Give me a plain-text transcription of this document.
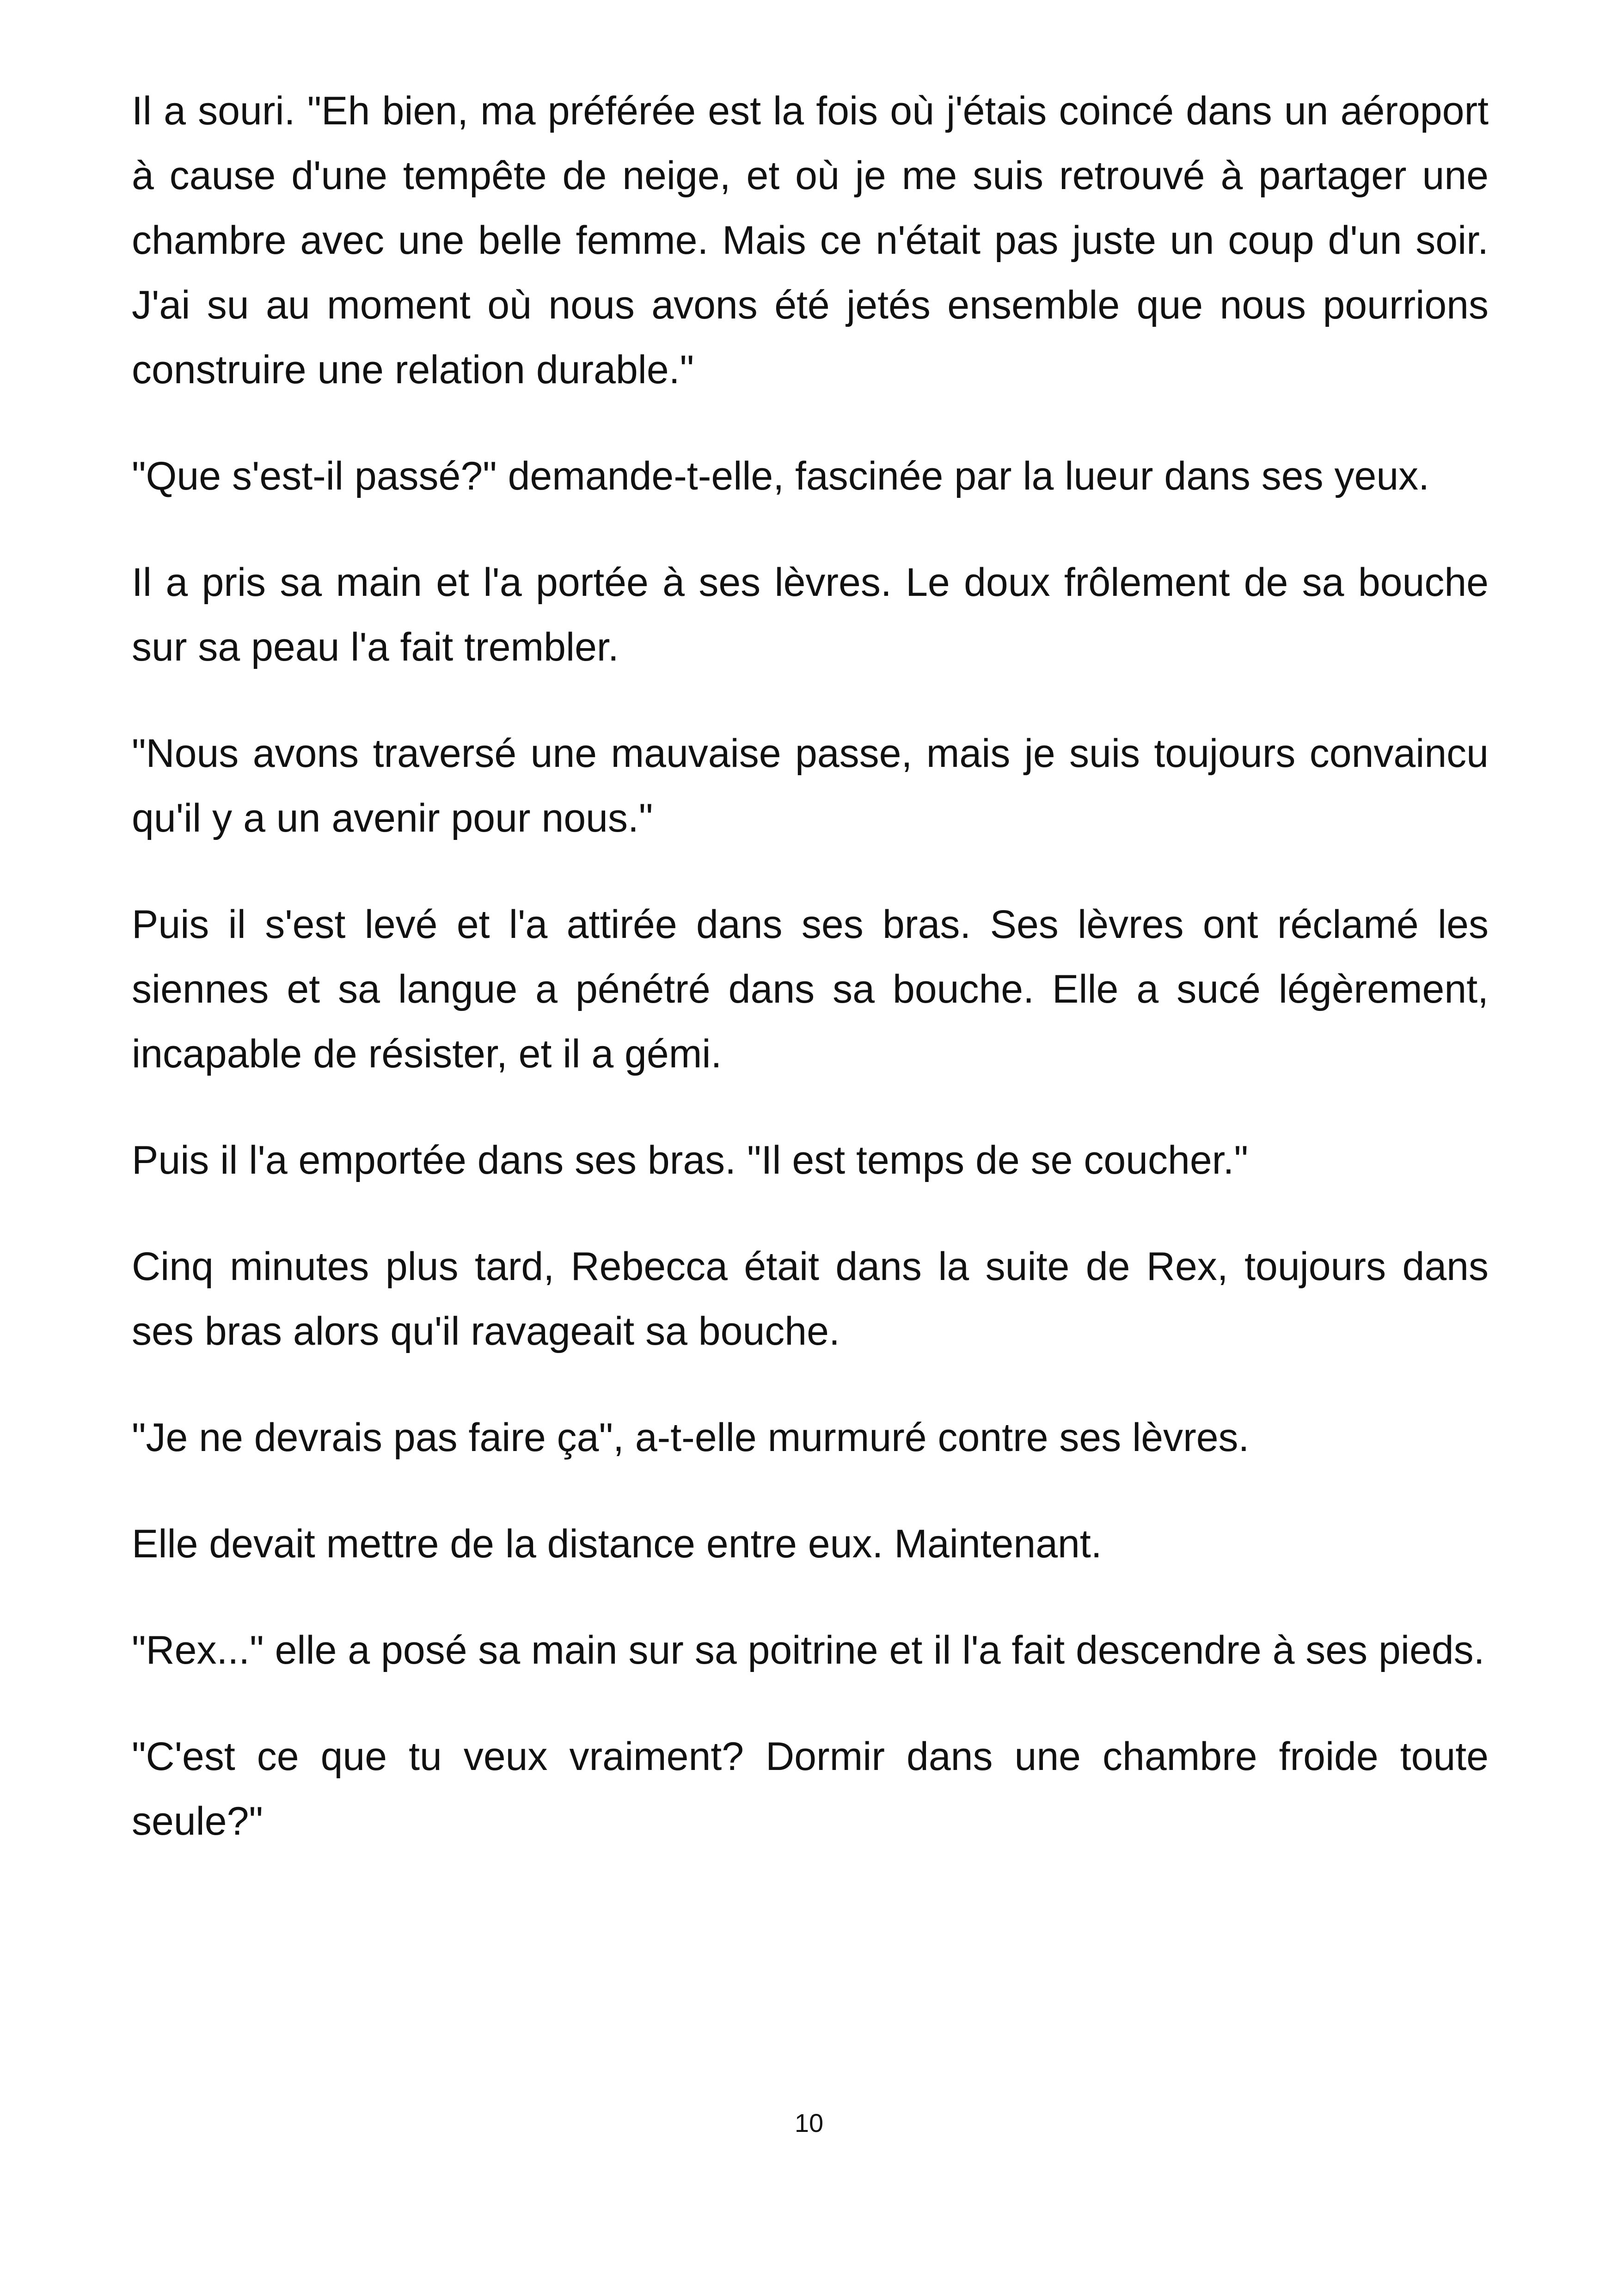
Il a souri. "Eh bien, ma préférée est la fois où j'étais coincé dans un aéroport à cause d'une tempête de neige, et où je me suis retrouvé à partager une chambre avec une belle femme. Mais ce n'était pas juste un coup d'un soir. J'ai su au moment où nous avons été jetés ensemble que nous pourrions construire une relation durable."

"Que s'est-il passé?" demande-t-elle, fascinée par la lueur dans ses yeux.

Il a pris sa main et l'a portée à ses lèvres. Le doux frôlement de sa bouche sur sa peau l'a fait trembler.

"Nous avons traversé une mauvaise passe, mais je suis toujours convaincu qu'il y a un avenir pour nous."

Puis il s'est levé et l'a attirée dans ses bras. Ses lèvres ont réclamé les siennes et sa langue a pénétré dans sa bouche. Elle a sucé légèrement, incapable de résister, et il a gémi.

Puis il l'a emportée dans ses bras. "Il est temps de se coucher."

Cinq minutes plus tard, Rebecca était dans la suite de Rex, toujours dans ses bras alors qu'il ravageait sa bouche.

"Je ne devrais pas faire ça", a-t-elle murmuré contre ses lèvres.

Elle devait mettre de la distance entre eux. Maintenant.

"Rex..." elle a posé sa main sur sa poitrine et il l'a fait descendre à ses pieds.

"C'est ce que tu veux vraiment? Dormir dans une chambre froide toute seule?"

10
